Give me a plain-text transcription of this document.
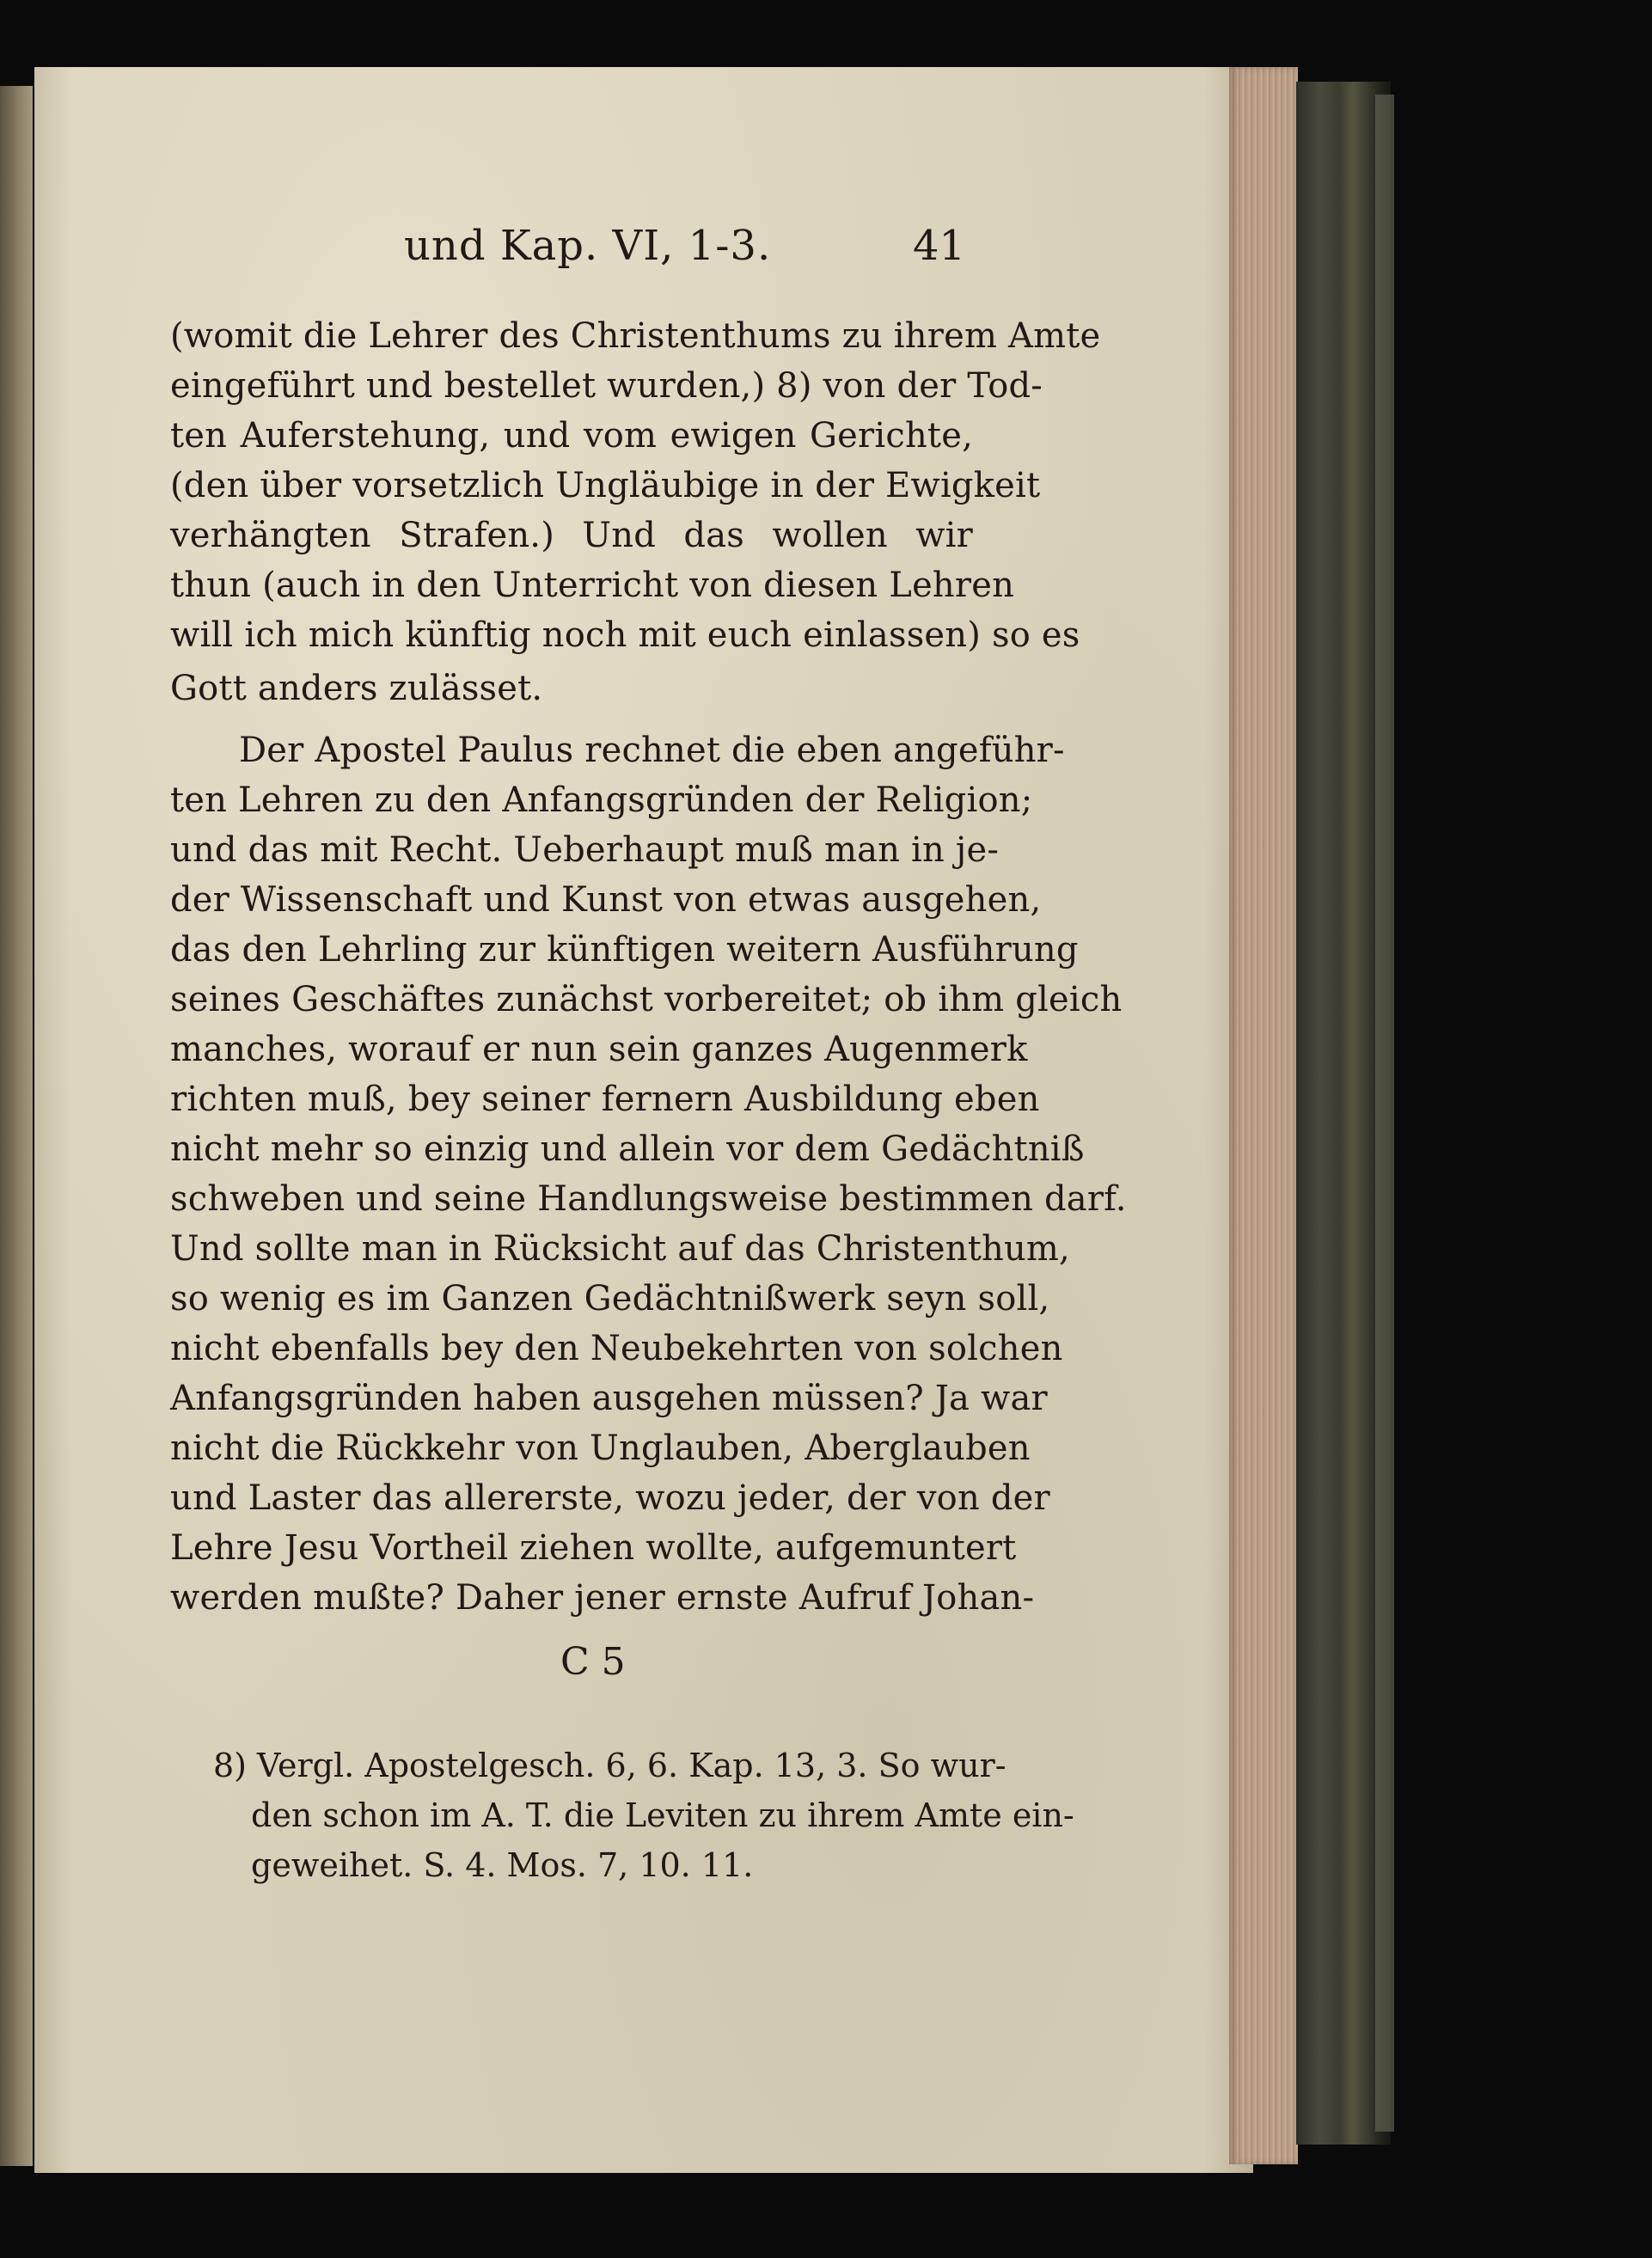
und Kap. VI, 1-3.	41
(womit die Lehrer des Christenthums zu ihrem Amte
eingeführt und bestellet wurden,) 8) von der Tod-
ten Auferstehung, und vom ewigen Gerichte,
(den über vorsetzlich Ungläubige in der Ewigkeit
verhängten Strafen.) Und das wollen wir
thun (auch in den Unterricht von diesen Lehren
will ich mich künftig noch mit euch einlassen) so es
Gott anders zulässet.
Der Apostel Paulus rechnet die eben angeführ-
ten Lehren zu den Anfangsgründen der Religion;
und das mit Recht. Ueberhaupt muß man in je-
der Wissenschaft und Kunst von etwas ausgehen,
das den Lehrling zur künftigen weitern Ausführung
seines Geschäftes zunächst vorbereitet; ob ihm gleich
manches, worauf er nun sein ganzes Augenmerk
richten muß, bey seiner fernern Ausbildung eben
nicht mehr so einzig und allein vor dem Gedächtniß
schweben und seine Handlungsweise bestimmen darf.
Und sollte man in Rücksicht auf das Christenthum,
so wenig es im Ganzen Gedächtnißwerk seyn soll,
nicht ebenfalls bey den Neubekehrten von solchen
Anfangsgründen haben ausgehen müssen? Ja war
nicht die Rückkehr von Unglauben, Aberglauben
und Laster das allererste, wozu jeder, der von der
Lehre Jesu Vortheil ziehen wollte, aufgemuntert
werden mußte? Daher jener ernste Aufruf Johan-
C 5
8) Vergl. Apostelgesch. 6, 6. Kap. 13, 3. So wur-
den schon im A. T. die Leviten zu ihrem Amte ein-
geweihet. S. 4. Mos. 7, 10. 11.
